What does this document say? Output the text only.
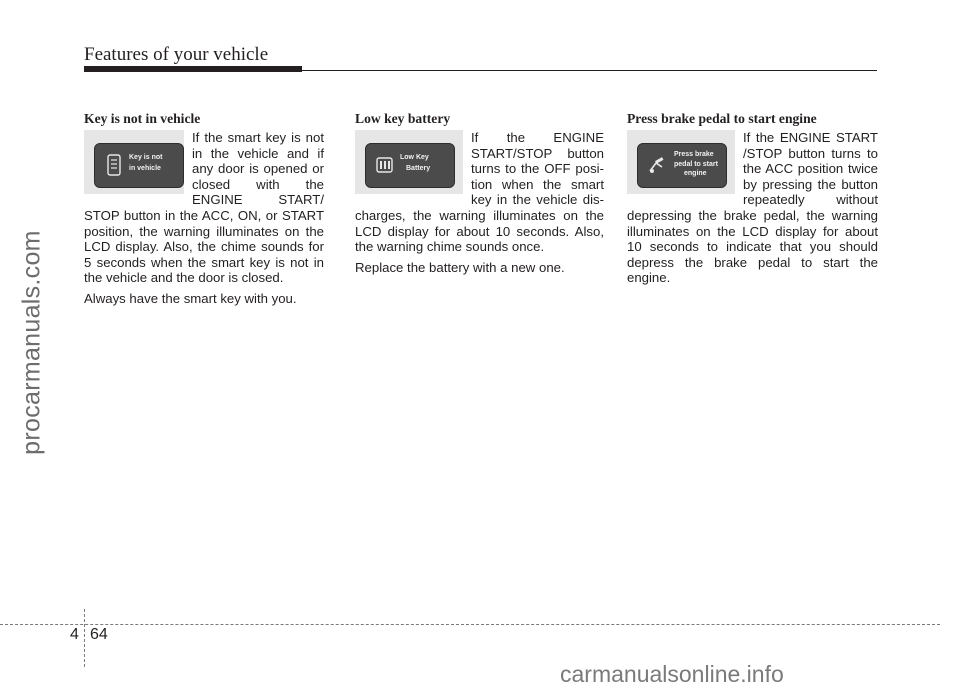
Features of your vehicle
procarmanuals.com
Key is not in vehicle
Key is not
in vehicle

If the smart key is not in the vehicle and if any door is opened or closed with the ENGINE START/ STOP button in the ACC, ON, or START position, the warning illuminates on the LCD display. Also, the chime sounds for 5 seconds when the smart key is not in the vehicle and the door is closed.

Always have the smart key with you.

Low key battery
Low Key
Battery

If the ENGINE START/STOP button turns to the OFF posi- tion when the smart key in the vehicle dis- charges, the warning illuminates on the LCD display for about 10 seconds. Also, the warning chime sounds once.

Replace the battery with a new one.

Press brake pedal to start engine
Press brake
pedal to start
engine

If the ENGINE START /STOP button turns to the ACC position twice by pressing the button repeatedly without depressing the brake pedal, the warning illuminates on the LCD display for about 10 seconds to indicate that you should depress the brake pedal to start the engine.

4 64
carmanualsonline.info
